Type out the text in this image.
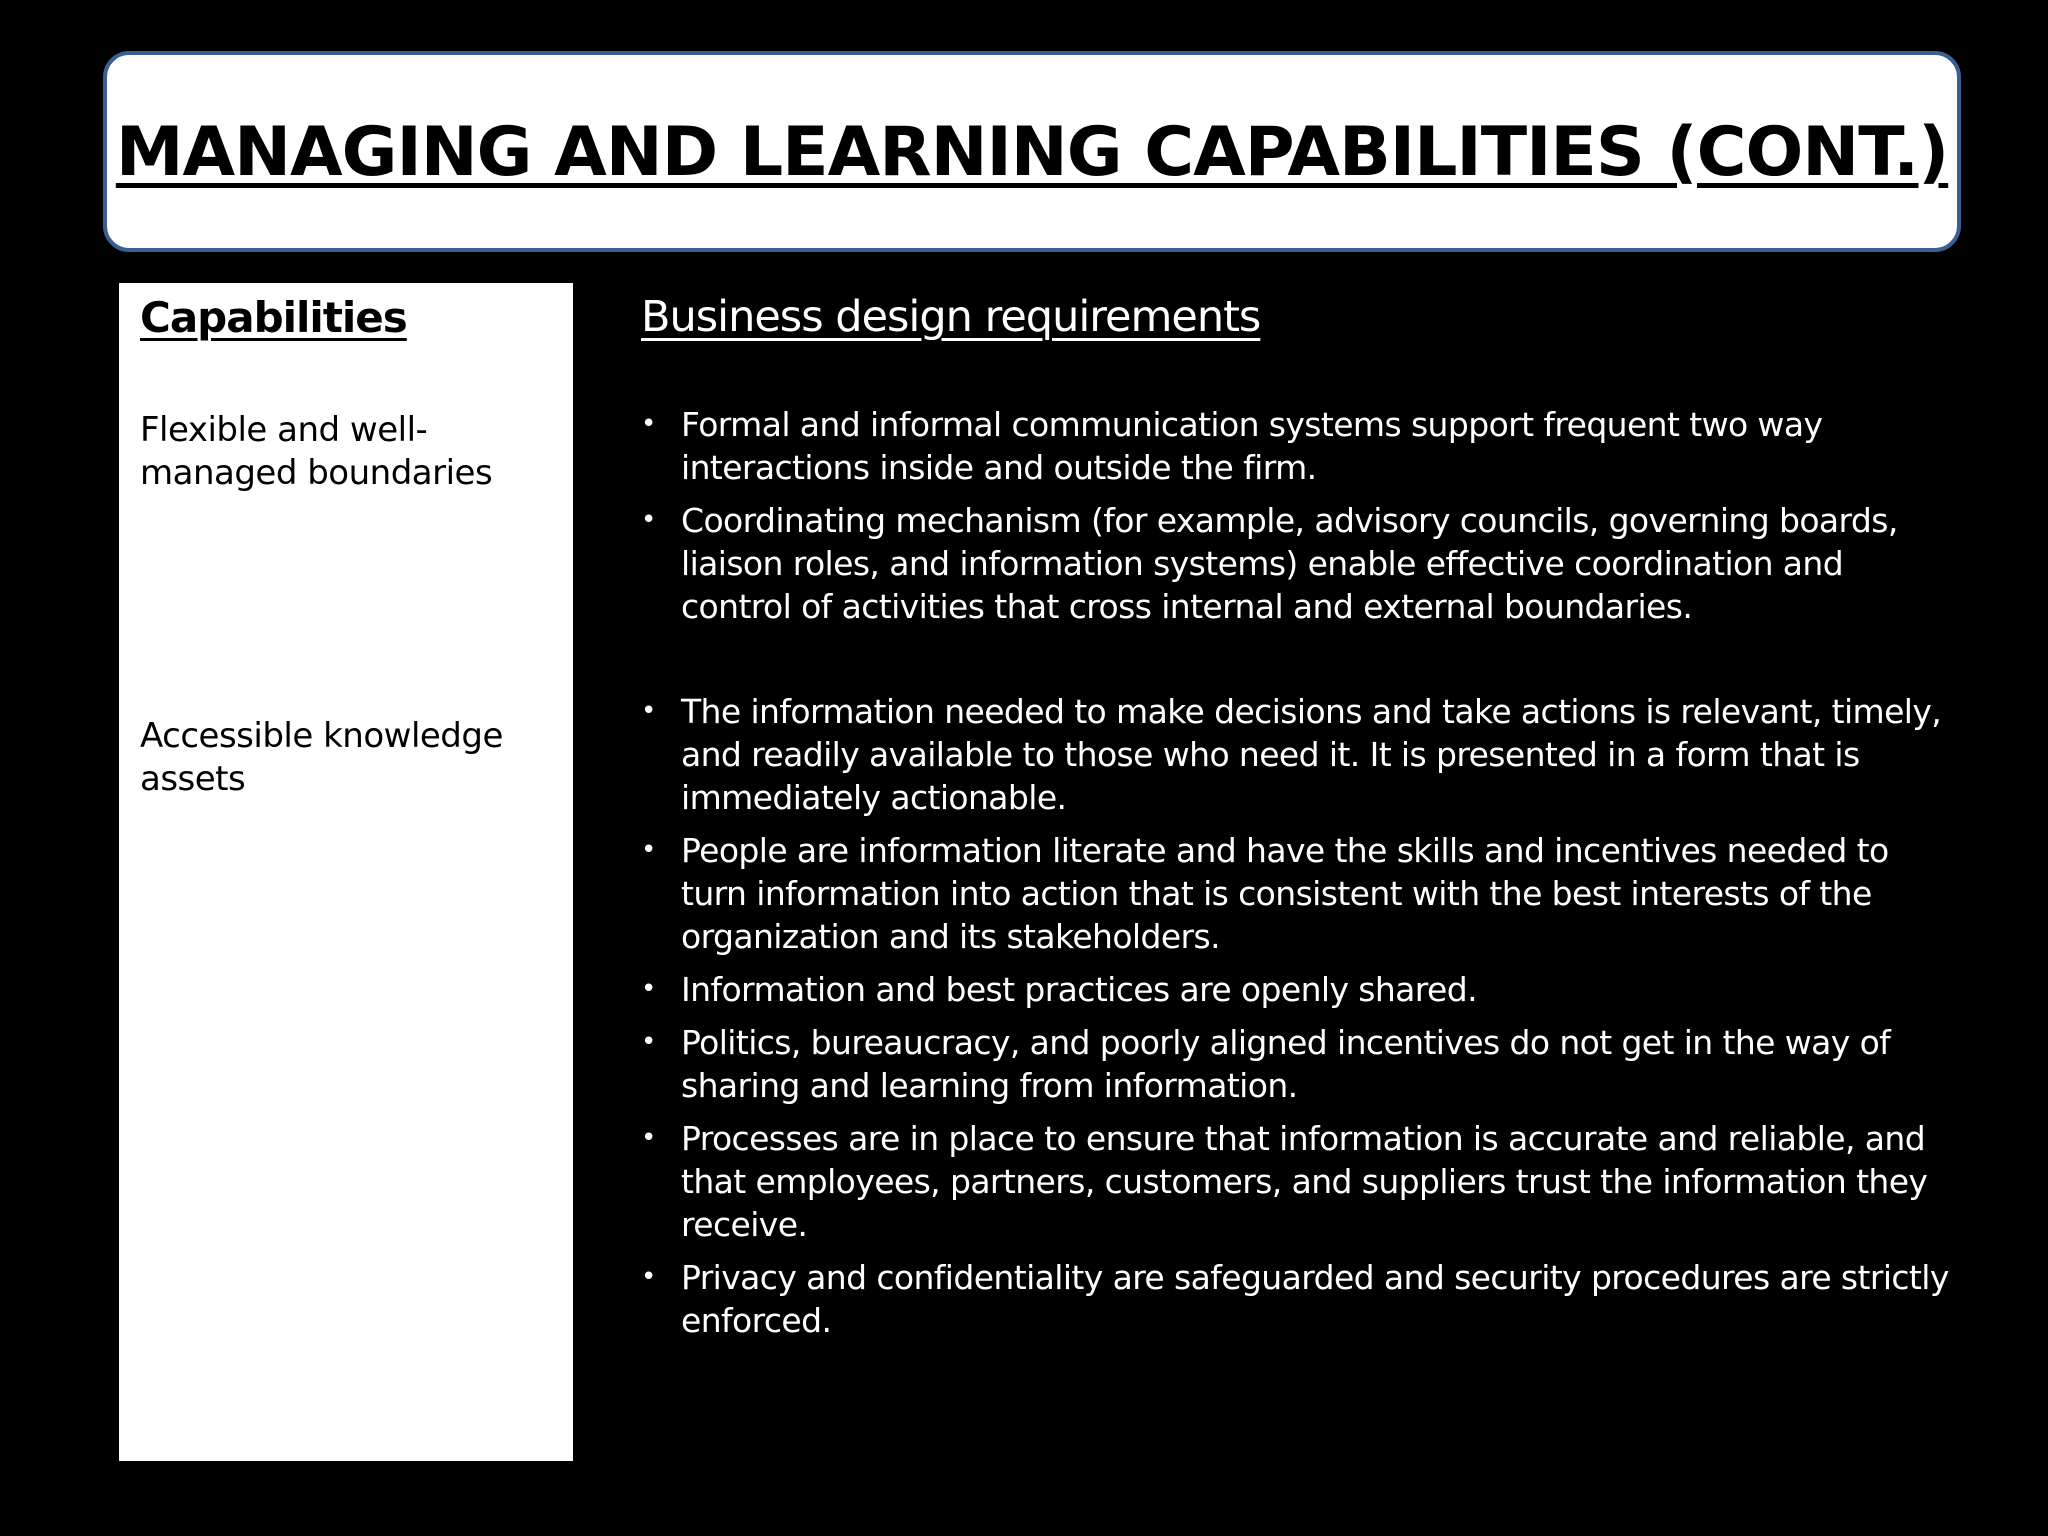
MANAGING AND LEARNING CAPABILITIES (CONT.)
Capabilities
Flexible and well-managed boundaries
Accessible knowledge assets
Business design requirements
• Formal and informal communication systems support frequent two way interactions inside and outside the firm.
• Coordinating mechanism (for example, advisory councils, governing boards, liaison roles, and information systems) enable effective coordination and control of activities that cross internal and external boundaries.
• The information needed to make decisions and take actions is relevant, timely, and readily available to those who need it. It is presented in a form that is immediately actionable.
• People are information literate and have the skills and incentives needed to turn information into action that is consistent with the best interests of the organization and its stakeholders.
• Information and best practices are openly shared.
• Politics, bureaucracy, and poorly aligned incentives do not get in the way of sharing and learning from information.
• Processes are in place to ensure that information is accurate and reliable, and that employees, partners, customers, and suppliers trust the information they receive.
• Privacy and confidentiality are safeguarded and security procedures are strictly enforced.
